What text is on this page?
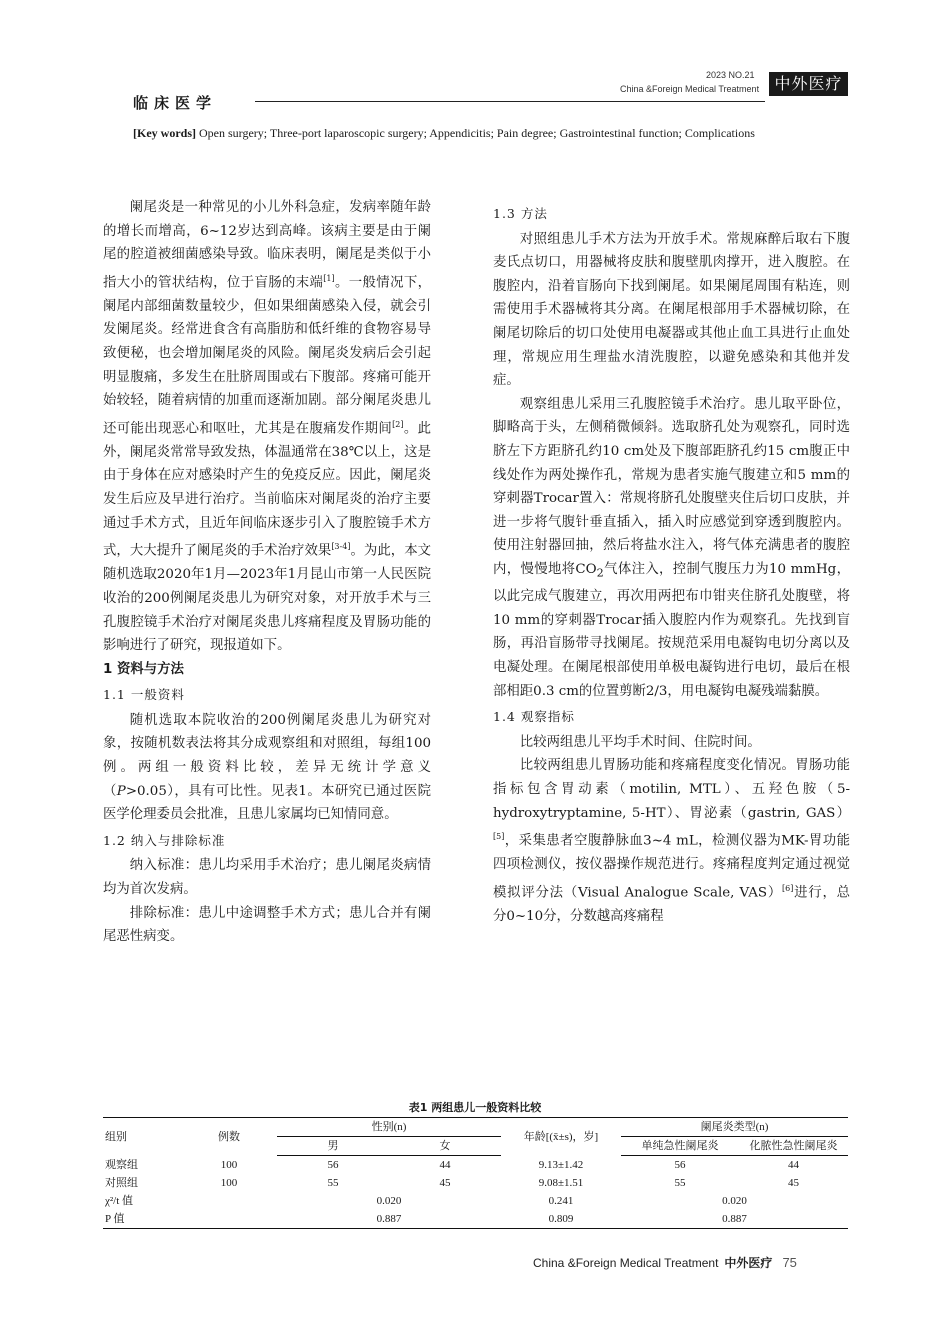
临床医学
2023 NO.21
China &Foreign Medical Treatment 中外医疗
[Key words] Open surgery; Three-port laparoscopic surgery; Appendicitis; Pain degree; Gastrointestinal function; Complications

阑尾炎是一种常见的小儿外科急症，发病率随年龄的增长而增高，6~12岁达到高峰。该病主要是由于阑尾的腔道被细菌感染导致。临床表明，阑尾是类似于小指大小的管状结构，位于盲肠的末端[1]。一般情况下，阑尾内部细菌数量较少，但如果细菌感染入侵，就会引发阑尾炎。经常进食含有高脂肪和低纤维的食物容易导致便秘，也会增加阑尾炎的风险。阑尾炎发病后会引起明显腹痛，多发生在肚脐周围或右下腹部。疼痛可能开始较轻，随着病情的加重而逐渐加剧。部分阑尾炎患儿还可能出现恶心和呕吐，尤其是在腹痛发作期间[2]。此外，阑尾炎常常导致发热，体温通常在38℃以上，这是由于身体在应对感染时产生的免疫反应。因此，阑尾炎发生后应及早进行治疗。当前临床对阑尾炎的治疗主要通过手术方式，且近年间临床逐步引入了腹腔镜手术方式，大大提升了阑尾炎的手术治疗效果[3-4]。为此，本文随机选取2020年1月—2023年1月昆山市第一人民医院收治的200例阑尾炎患儿为研究对象，对开放手术与三孔腹腔镜手术治疗对阑尾炎患儿疼痛程度及胃肠功能的影响进行了研究，现报道如下。

1 资料与方法

1.1 一般资料

随机选取本院收治的200例阑尾炎患儿为研究对象，按随机数表法将其分成观察组和对照组，每组100例。两组一般资料比较，差异无统计学意义（P>0.05），具有可比性。见表1。本研究已通过医院医学伦理委员会批准，且患儿家属均已知情同意。

1.2 纳入与排除标准

纳入标准：患儿均采用手术治疗；患儿阑尾炎病情均为首次发病。

排除标准：患儿中途调整手术方式；患儿合并有阑尾恶性病变。

1.3 方法

对照组患儿手术方法为开放手术。常规麻醉后取右下腹麦氏点切口，用器械将皮肤和腹壁肌肉撑开，进入腹腔。在腹腔内，沿着盲肠向下找到阑尾。如果阑尾周围有粘连，则需使用手术器械将其分离。在阑尾根部用手术器械切除，在阑尾切除后的切口处使用电凝器或其他止血工具进行止血处理，常规应用生理盐水清洗腹腔，以避免感染和其他并发症。

观察组患儿采用三孔腹腔镜手术治疗。患儿取平卧位，脚略高于头，左侧稍微倾斜。选取脐孔处为观察孔，同时选脐左下方距脐孔约10 cm处及下腹部距脐孔约15 cm腹正中线处作为两处操作孔，常规为患者实施气腹建立和5 mm的穿刺器Trocar置入：常规将脐孔处腹壁夹住后切口皮肤，并进一步将气腹针垂直插入，插入时应感觉到穿透到腹腔内。使用注射器回抽，然后将盐水注入，将气体充满患者的腹腔内，慢慢地将$CO_2$气体注入，控制气腹压力为10 mmHg，以此完成气腹建立，再次用两把布巾钳夹住脐孔处腹壁，将10 mm的穿刺器Trocar插入腹腔内作为观察孔。先找到盲肠，再沿盲肠带寻找阑尾。按规范采用电凝钩电切分离以及电凝处理。在阑尾根部使用单极电凝钩进行电切，最后在根部相距0.3 cm的位置剪断2/3，用电凝钩电凝残端黏膜。

1.4 观察指标

比较两组患儿平均手术时间、住院时间。

比较两组患儿胃肠功能和疼痛程度变化情况。胃肠功能指标包含胃动素（motilin, MTL）、五羟色胺（5-hydroxytryptamine, 5-HT）、胃泌素（gastrin, GAS）[5]，采集患者空腹静脉血3~4 mL，检测仪器为MK-胃功能四项检测仪，按仪器操作规范进行。疼痛程度判定通过视觉模拟评分法（Visual Analogue Scale, VAS）[6]进行，总分0~10分，分数越高疼痛程

表1 两组患儿一般资料比较
组别	例数	性别(n)		年龄[(x̄±s)，岁]	阑尾炎类型(n)	
		男	女		单纯急性阑尾炎	化脓性急性阑尾炎
观察组	100	56	44	9.13±1.42	56	44
对照组	100	55	45	9.08±1.51	55	45
χ²/t 值		0.020		0.241	0.020	
P 值		0.887		0.809	0.887	
China &Foreign Medical Treatment 中外医疗 75
